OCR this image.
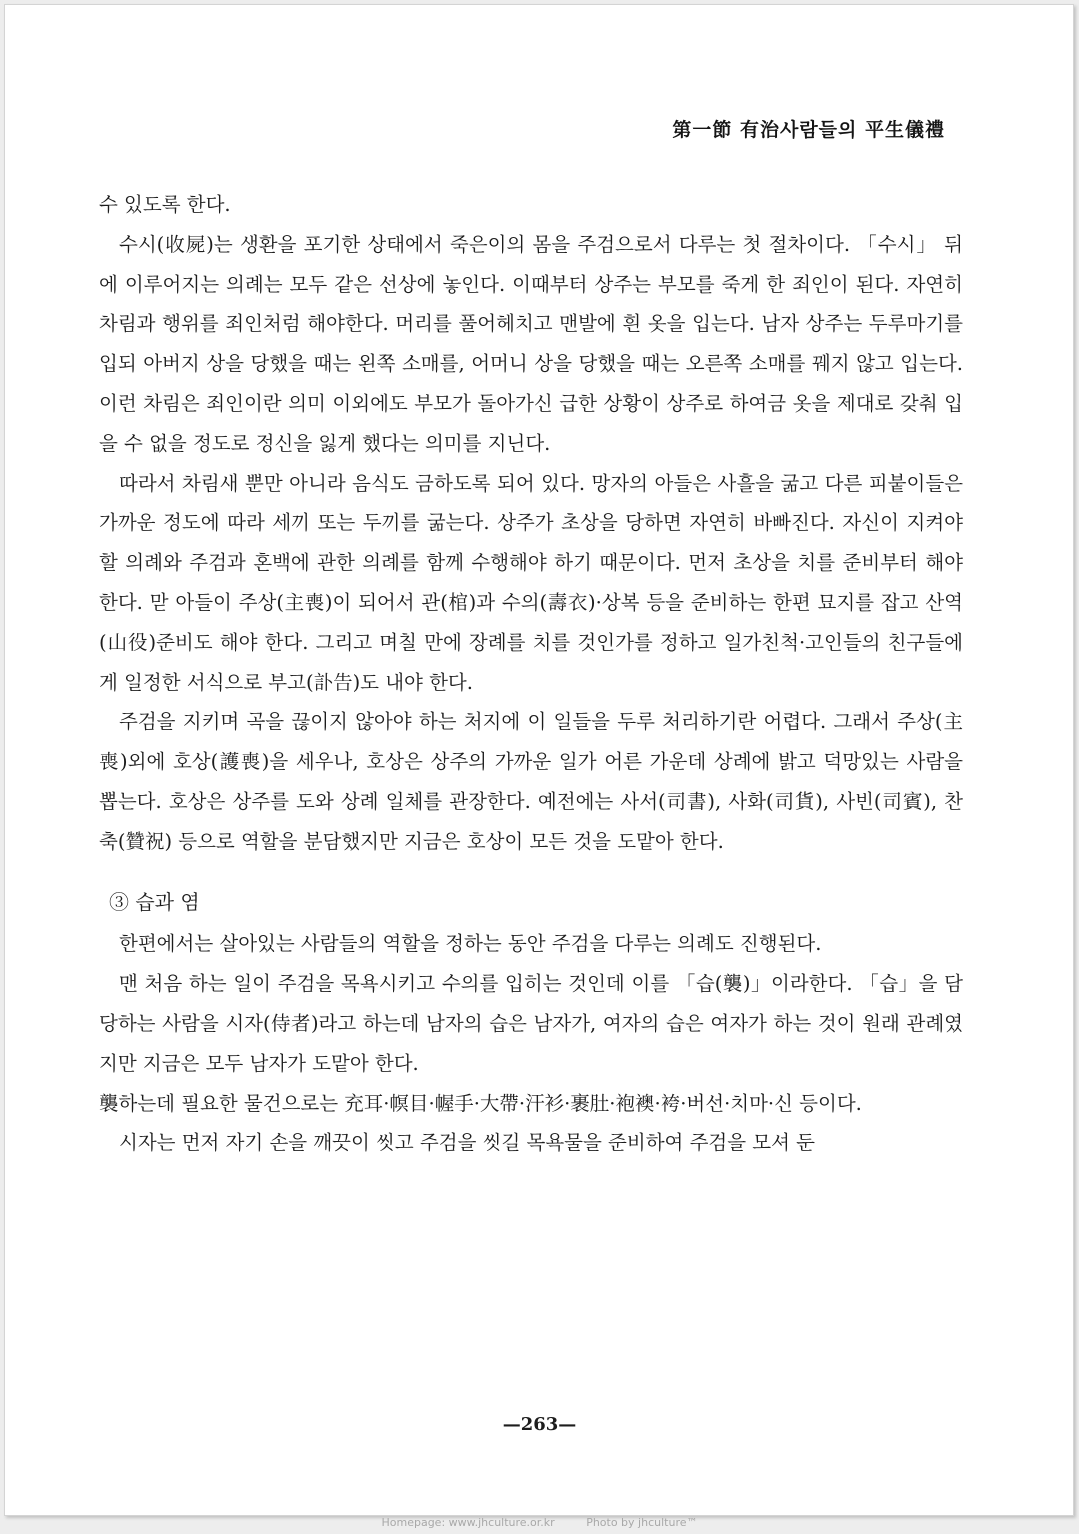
第一節 有治사람들의 平生儀禮

수 있도록 한다.

수시(收屍)는 생환을 포기한 상태에서 죽은이의 몸을 주검으로서 다루는 첫 절차이다. 「수시」 뒤에 이루어지는 의례는 모두 같은 선상에 놓인다. 이때부터 상주는 부모를 죽게 한 죄인이 된다. 자연히 차림과 행위를 죄인처럼 해야한다. 머리를 풀어헤치고 맨발에 흰 옷을 입는다. 남자 상주는 두루마기를 입되 아버지 상을 당했을 때는 왼쪽 소매를, 어머니 상을 당했을 때는 오른쪽 소매를 꿰지 않고 입는다. 이런 차림은 죄인이란 의미 이외에도 부모가 돌아가신 급한 상황이 상주로 하여금 옷을 제대로 갖춰 입을 수 없을 정도로 정신을 잃게 했다는 의미를 지닌다.

따라서 차림새 뿐만 아니라 음식도 금하도록 되어 있다. 망자의 아들은 사흘을 굶고 다른 피붙이들은 가까운 정도에 따라 세끼 또는 두끼를 굶는다. 상주가 초상을 당하면 자연히 바빠진다. 자신이 지켜야할 의례와 주검과 혼백에 관한 의례를 함께 수행해야 하기 때문이다. 먼저 초상을 치를 준비부터 해야한다. 맏 아들이 주상(主喪)이 되어서 관(棺)과 수의(壽衣)·상복 등을 준비하는 한편 묘지를 잡고 산역(山役)준비도 해야 한다. 그리고 며칠 만에 장례를 치를 것인가를 정하고 일가친척·고인들의 친구들에게 일정한 서식으로 부고(訃告)도 내야 한다.

주검을 지키며 곡을 끊이지 않아야 하는 처지에 이 일들을 두루 처리하기란 어렵다. 그래서 주상(主喪)외에 호상(護喪)을 세우나, 호상은 상주의 가까운 일가 어른 가운데 상례에 밝고 덕망있는 사람을 뽑는다. 호상은 상주를 도와 상례 일체를 관장한다. 예전에는 사서(司書), 사화(司貨), 사빈(司賓), 찬축(贊祝) 등으로 역할을 분담했지만 지금은 호상이 모든 것을 도맡아 한다.

③ 습과 염

한편에서는 살아있는 사람들의 역할을 정하는 동안 주검을 다루는 의례도 진행된다.

맨 처음 하는 일이 주검을 목욕시키고 수의를 입히는 것인데 이를 「습(襲)」이라한다. 「습」을 담당하는 사람을 시자(侍者)라고 하는데 남자의 습은 남자가, 여자의 습은 여자가 하는 것이 원래 관례였지만 지금은 모두 남자가 도맡아 한다.

襲하는데 필요한 물건으로는 充耳·幎目·幄手·大帶·汗衫·裹肚·袍襖·袴·버선·치마·신 등이다.

시자는 먼저 자기 손을 깨끗이 씻고 주검을 씻길 목욕물을 준비하여 주검을 모셔 둔

—263—
Homepage: www.jhculture.or.kr	Photo by jhculture™
